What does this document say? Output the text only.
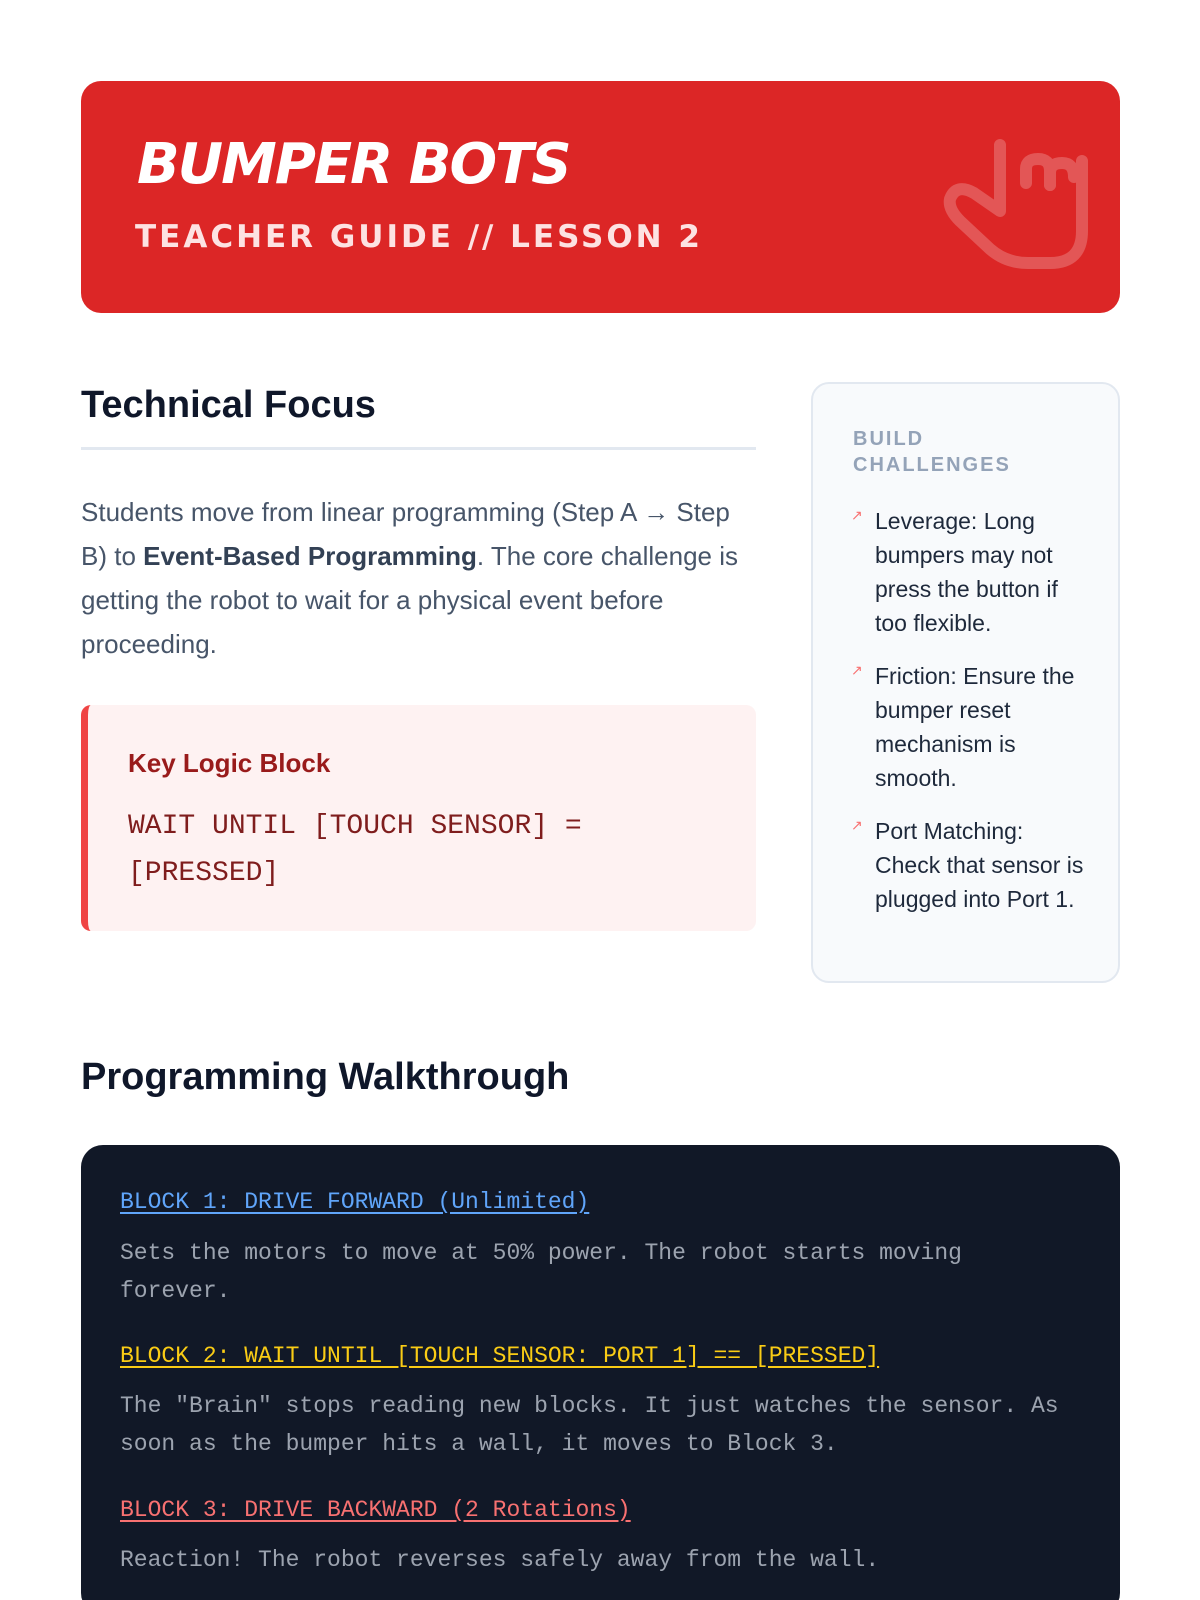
BUMPER BOTS
TEACHER GUIDE // LESSON 2
Technical Focus

Students move from linear programming (Step A → Step B) to Event-Based Programming. The core challenge is getting the robot to wait for a physical event before proceeding.

Key Logic Block
WAIT UNTIL [TOUCH SENSOR] = [PRESSED]
BUILD CHALLENGES
↗ Leverage: Long bumpers may not press the button if too flexible.
↗ Friction: Ensure the bumper reset mechanism is smooth.
↗ Port Matching: Check that sensor is plugged into Port 1.
Programming Walkthrough
BLOCK 1: DRIVE FORWARD (Unlimited)
Sets the motors to move at 50% power. The robot starts moving forever.
BLOCK 2: WAIT UNTIL [TOUCH SENSOR: PORT 1] == [PRESSED]
The "Brain" stops reading new blocks. It just watches the sensor. As soon as the bumper hits a wall, it moves to Block 3.
BLOCK 3: DRIVE BACKWARD (2 Rotations)
Reaction! The robot reverses safely away from the wall.
